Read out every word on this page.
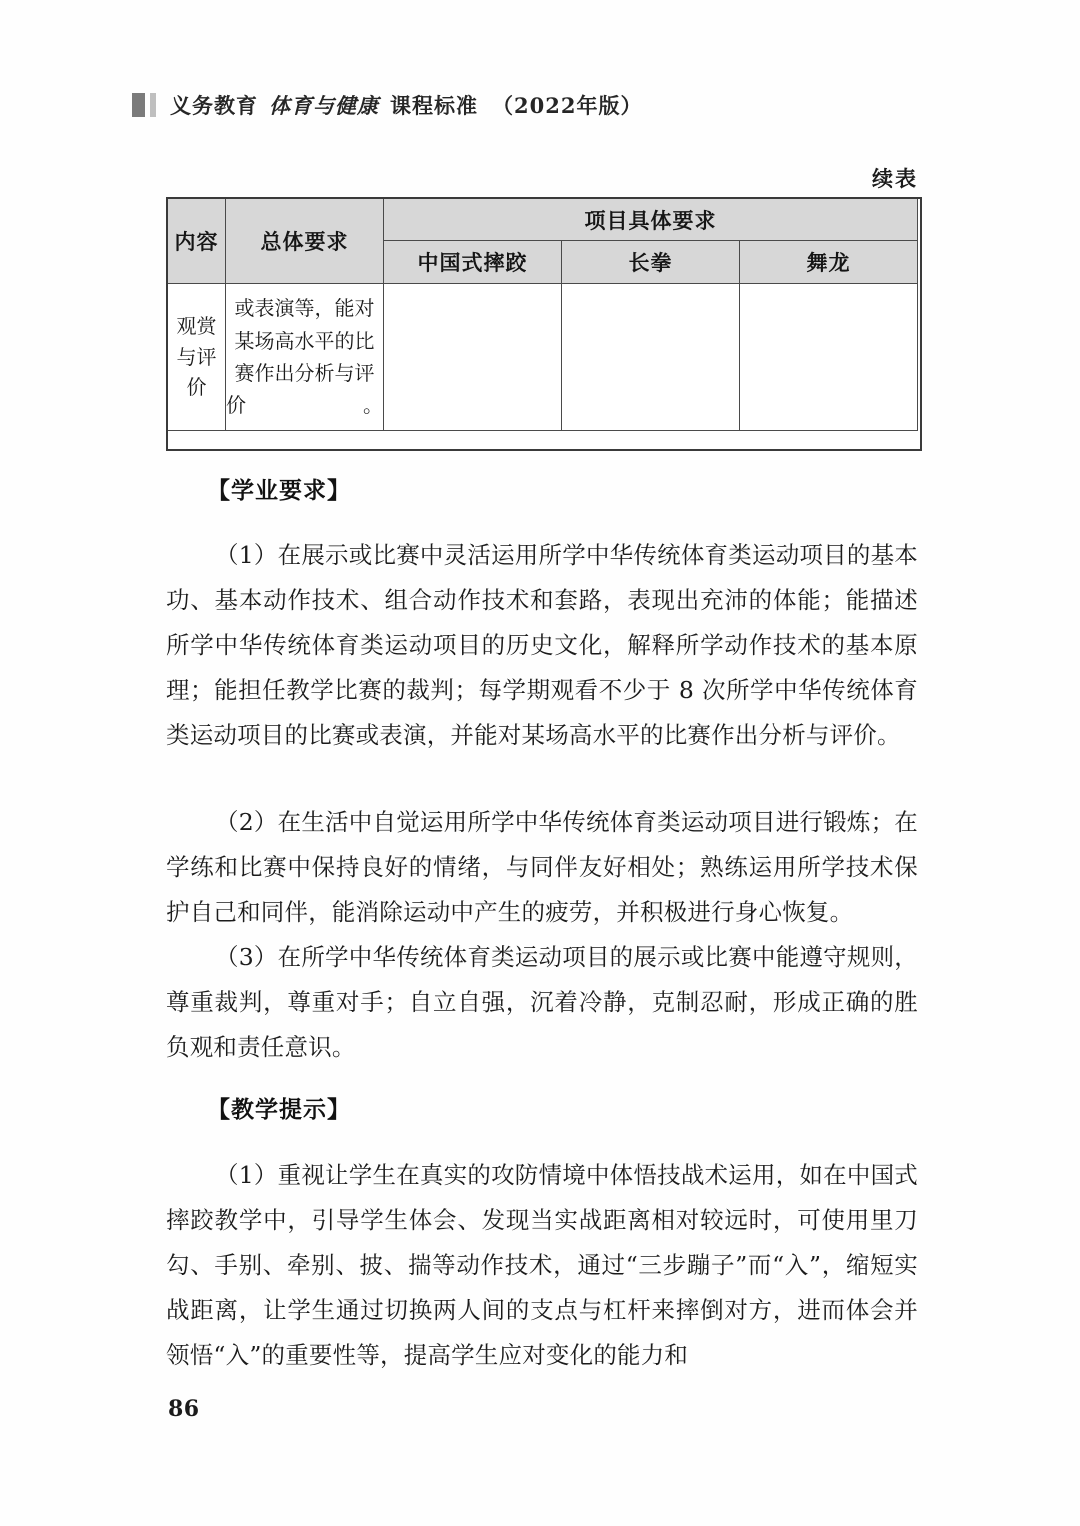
义务教育 体育与健康 课程标准 （2022年版）
续表
内容	总体要求	项目具体要求		
		中国式摔跤	长拳	舞龙

观赏
与评
价	或表演等，能对某场高水平的比赛作出分析与评价。			

【学业要求】
（1）在展示或比赛中灵活运用所学中华传统体育类运动项目的基本功、基本动作技术、组合动作技术和套路，表现出充沛的体能；能描述所学中华传统体育类运动项目的历史文化，解释所学动作技术的基本原理；能担任教学比赛的裁判；每学期观看不少于 8 次所学中华传统体育类运动项目的比赛或表演，并能对某场高水平的比赛作出分析与评价。
（2）在生活中自觉运用所学中华传统体育类运动项目进行锻炼；在学练和比赛中保持良好的情绪，与同伴友好相处；熟练运用所学技术保护自己和同伴，能消除运动中产生的疲劳，并积极进行身心恢复。
（3）在所学中华传统体育类运动项目的展示或比赛中能遵守规则，尊重裁判，尊重对手；自立自强，沉着冷静，克制忍耐，形成正确的胜负观和责任意识。
【教学提示】
（1）重视让学生在真实的攻防情境中体悟技战术运用，如在中国式摔跤教学中，引导学生体会、发现当实战距离相对较远时，可使用里刀勾、手别、牵别、披、揣等动作技术，通过“三步蹦子”而“入”，缩短实战距离，让学生通过切换两人间的支点与杠杆来摔倒对方，进而体会并领悟“入”的重要性等，提高学生应对变化的能力和
86
